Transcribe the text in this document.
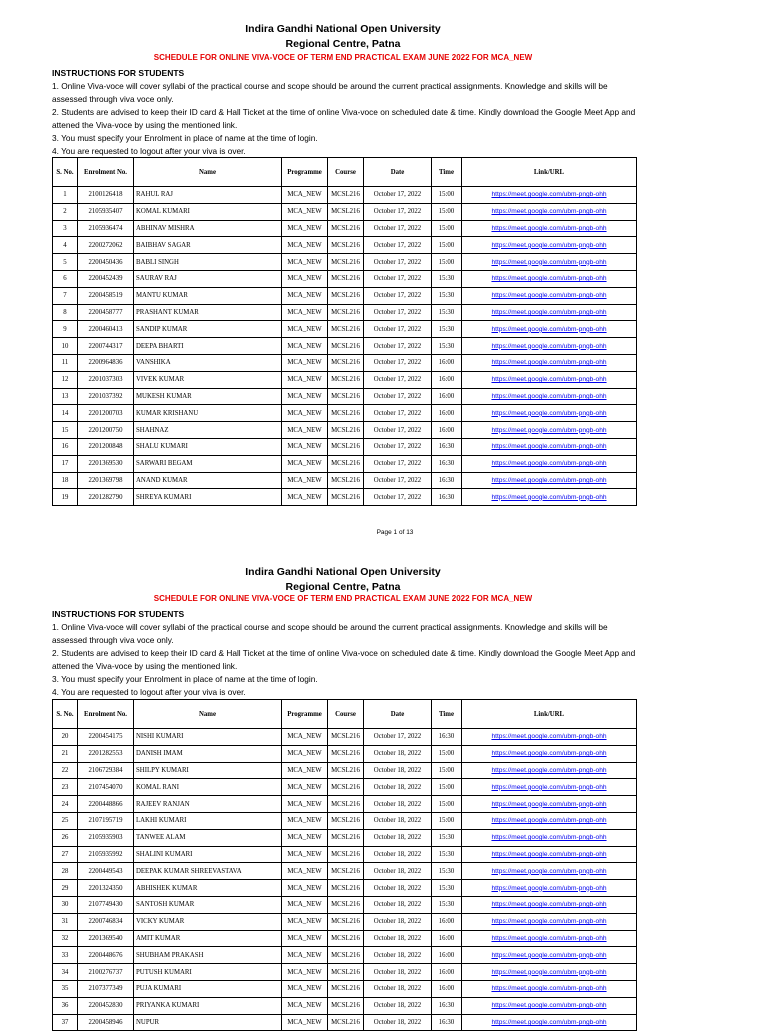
Indira Gandhi National Open University
Regional Centre, Patna
SCHEDULE FOR ONLINE VIVA-VOCE OF TERM END PRACTICAL EXAM JUNE 2022 FOR MCA_NEW
INSTRUCTIONS FOR STUDENTS
1. Online Viva-voce will cover syllabi of the practical course and scope should be around the current practical assignments. Knowledge and skills will be assessed through viva voce only.
2. Students are advised to keep their ID card & Hall Ticket at the time of online Viva-voce on scheduled date & time. Kindly download the Google Meet App and attened the Viva-voce by using the mentioned link.
3. You must specify your Enrolment in place of name at the time of login.
4. You are requested to logout after your viva is over.
S. No.	Enrolment No.	Name	Programme	Course	Date	Time	Link/URL
1	2100126418	RAHUL RAJ	MCA_NEW	MCSL216	October 17, 2022	15:00	https://meet.google.com/ubm-pngb-ohh
2	2105935407	KOMAL KUMARI	MCA_NEW	MCSL216	October 17, 2022	15:00	https://meet.google.com/ubm-pngb-ohh
3	2105936474	ABHINAV MISHRA	MCA_NEW	MCSL216	October 17, 2022	15:00	https://meet.google.com/ubm-pngb-ohh
4	2200272062	BAIBHAV SAGAR	MCA_NEW	MCSL216	October 17, 2022	15:00	https://meet.google.com/ubm-pngb-ohh
5	2200450436	BABLI SINGH	MCA_NEW	MCSL216	October 17, 2022	15:00	https://meet.google.com/ubm-pngb-ohh
6	2200452439	SAURAV RAJ	MCA_NEW	MCSL216	October 17, 2022	15:30	https://meet.google.com/ubm-pngb-ohh
7	2200458519	MANTU KUMAR	MCA_NEW	MCSL216	October 17, 2022	15:30	https://meet.google.com/ubm-pngb-ohh
8	2200458777	PRASHANT KUMAR	MCA_NEW	MCSL216	October 17, 2022	15:30	https://meet.google.com/ubm-pngb-ohh
9	2200460413	SANDIP KUMAR	MCA_NEW	MCSL216	October 17, 2022	15:30	https://meet.google.com/ubm-pngb-ohh
10	2200744317	DEEPA BHARTI	MCA_NEW	MCSL216	October 17, 2022	15:30	https://meet.google.com/ubm-pngb-ohh
11	2200964836	VANSHIKA	MCA_NEW	MCSL216	October 17, 2022	16:00	https://meet.google.com/ubm-pngb-ohh
12	2201037303	VIVEK KUMAR	MCA_NEW	MCSL216	October 17, 2022	16:00	https://meet.google.com/ubm-pngb-ohh
13	2201037392	MUKESH KUMAR	MCA_NEW	MCSL216	October 17, 2022	16:00	https://meet.google.com/ubm-pngb-ohh
14	2201200703	KUMAR KRISHANU	MCA_NEW	MCSL216	October 17, 2022	16:00	https://meet.google.com/ubm-pngb-ohh
15	2201200750	SHAHNAZ	MCA_NEW	MCSL216	October 17, 2022	16:00	https://meet.google.com/ubm-pngb-ohh
16	2201200848	SHALU KUMARI	MCA_NEW	MCSL216	October 17, 2022	16:30	https://meet.google.com/ubm-pngb-ohh
17	2201369530	SARWARI BEGAM	MCA_NEW	MCSL216	October 17, 2022	16:30	https://meet.google.com/ubm-pngb-ohh
18	2201369798	ANAND KUMAR	MCA_NEW	MCSL216	October 17, 2022	16:30	https://meet.google.com/ubm-pngb-ohh
19	2201282790	SHREYA KUMARI	MCA_NEW	MCSL216	October 17, 2022	16:30	https://meet.google.com/ubm-pngb-ohh
Page 1 of 13
Indira Gandhi National Open University
Regional Centre, Patna
SCHEDULE FOR ONLINE VIVA-VOCE OF TERM END PRACTICAL EXAM JUNE 2022 FOR MCA_NEW
INSTRUCTIONS FOR STUDENTS
1. Online Viva-voce will cover syllabi of the practical course and scope should be around the current practical assignments. Knowledge and skills will be assessed through viva voce only.
2. Students are advised to keep their ID card & Hall Ticket at the time of online Viva-voce on scheduled date & time. Kindly download the Google Meet App and attened the Viva-voce by using the mentioned link.
3. You must specify your Enrolment in place of name at the time of login.
4. You are requested to logout after your viva is over.
S. No.	Enrolment No.	Name	Programme	Course	Date	Time	Link/URL
20	2200454175	NISHI KUMARI	MCA_NEW	MCSL216	October 17, 2022	16:30	https://meet.google.com/ubm-pngb-ohh
21	2201282553	DANISH IMAM	MCA_NEW	MCSL216	October 18, 2022	15:00	https://meet.google.com/ubm-pngb-ohh
22	2106729384	SHILPY KUMARI	MCA_NEW	MCSL216	October 18, 2022	15:00	https://meet.google.com/ubm-pngb-ohh
23	2107454070	KOMAL RANI	MCA_NEW	MCSL216	October 18, 2022	15:00	https://meet.google.com/ubm-pngb-ohh
24	2200448866	RAJEEV RANJAN	MCA_NEW	MCSL216	October 18, 2022	15:00	https://meet.google.com/ubm-pngb-ohh
25	2107195719	LAKHI KUMARI	MCA_NEW	MCSL216	October 18, 2022	15:00	https://meet.google.com/ubm-pngb-ohh
26	2105935903	TANWEE ALAM	MCA_NEW	MCSL216	October 18, 2022	15:30	https://meet.google.com/ubm-pngb-ohh
27	2105935992	SHALINI KUMARI	MCA_NEW	MCSL216	October 18, 2022	15:30	https://meet.google.com/ubm-pngb-ohh
28	2200449543	DEEPAK KUMAR SHREEVASTAVA	MCA_NEW	MCSL216	October 18, 2022	15:30	https://meet.google.com/ubm-pngb-ohh
29	2201324350	ABHISHEK KUMAR	MCA_NEW	MCSL216	October 18, 2022	15:30	https://meet.google.com/ubm-pngb-ohh
30	2107749430	SANTOSH KUMAR	MCA_NEW	MCSL216	October 18, 2022	15:30	https://meet.google.com/ubm-pngb-ohh
31	2200746834	VICKY KUMAR	MCA_NEW	MCSL216	October 18, 2022	16:00	https://meet.google.com/ubm-pngb-ohh
32	2201369540	AMIT KUMAR	MCA_NEW	MCSL216	October 18, 2022	16:00	https://meet.google.com/ubm-pngb-ohh
33	2200448676	SHUBHAM PRAKASH	MCA_NEW	MCSL216	October 18, 2022	16:00	https://meet.google.com/ubm-pngb-ohh
34	2100276737	PUTUSH KUMARI	MCA_NEW	MCSL216	October 18, 2022	16:00	https://meet.google.com/ubm-pngb-ohh
35	2107377349	PUJA KUMARI	MCA_NEW	MCSL216	October 18, 2022	16:00	https://meet.google.com/ubm-pngb-ohh
36	2200452830	PRIYANKA KUMARI	MCA_NEW	MCSL216	October 18, 2022	16:30	https://meet.google.com/ubm-pngb-ohh
37	2200458946	NUPUR	MCA_NEW	MCSL216	October 18, 2022	16:30	https://meet.google.com/ubm-pngb-ohh
